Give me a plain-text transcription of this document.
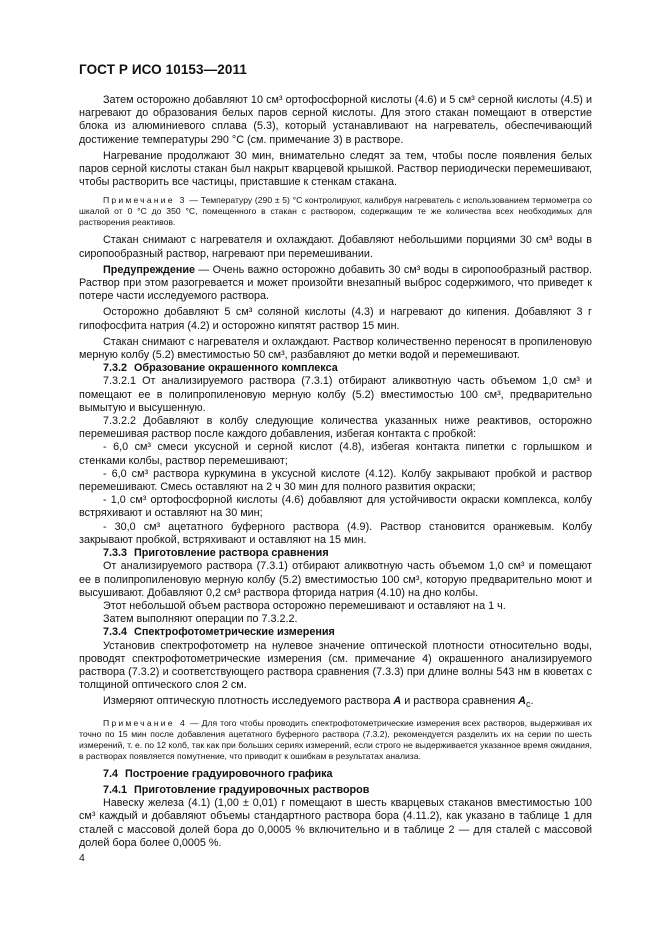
ГОСТ Р ИСО 10153—2011

Затем осторожно добавляют 10 см³ ортофосфорной кислоты (4.6) и 5 см³ серной кислоты (4.5) и нагревают до образования белых паров серной кислоты. Для этого стакан помещают в отверстие блока из алюминиевого сплава (5.3), который устанавливают на нагреватель, обеспечивающий достижение температуры 290 °С (см. примечание 3) в растворе.

Нагревание продолжают 30 мин, внимательно следят за тем, чтобы после появления белых паров серной кислоты стакан был накрыт кварцевой крышкой. Раствор периодически перемешивают, чтобы растворить все частицы, приставшие к стенкам стакана.

Примечание 3 — Температуру (290 ± 5) °С контролируют, калибруя нагреватель с использованием термометра со шкалой от 0 °С до 350 °С, помещенного в стакан с раствором, содержащим те же количества всех необходимых для растворения реактивов.

Стакан снимают с нагревателя и охлаждают. Добавляют небольшими порциями 30 см³ воды в сиропообразный раствор, нагревают при перемешивании.

Предупреждение — Очень важно осторожно добавить 30 см³ воды в сиропообразный раствор. Раствор при этом разогревается и может произойти внезапный выброс содержимого, что приведет к потере части исследуемого раствора.

Осторожно добавляют 5 см³ соляной кислоты (4.3) и нагревают до кипения. Добавляют 3 г гипофосфита натрия (4.2) и осторожно кипятят раствор 15 мин.

Стакан снимают с нагревателя и охлаждают. Раствор количественно переносят в пропиленовую мерную колбу (5.2) вместимостью 50 см³, разбавляют до метки водой и перемешивают.

7.3.2 Образование окрашенного комплекса

7.3.2.1 От анализируемого раствора (7.3.1) отбирают аликвотную часть объемом 1,0 см³ и помещают ее в полипропиленовую мерную колбу (5.2) вместимостью 100 см³, предварительно вымытую и высушенную.

7.3.2.2 Добавляют в колбу следующие количества указанных ниже реактивов, осторожно перемешивая раствор после каждого добавления, избегая контакта с пробкой:

- 6,0 см³ смеси уксусной и серной кислот (4.8), избегая контакта пипетки с горлышком и стенками колбы, раствор перемешивают;

- 6,0 см³ раствора куркумина в уксусной кислоте (4.12). Колбу закрывают пробкой и раствор перемешивают. Смесь оставляют на 2 ч 30 мин для полного развития окраски;

- 1,0 см³ ортофосфорной кислоты (4.6) добавляют для устойчивости окраски комплекса, колбу встряхивают и оставляют на 30 мин;

- 30,0 см³ ацетатного буферного раствора (4.9). Раствор становится оранжевым. Колбу закрывают пробкой, встряхивают и оставляют на 15 мин.

7.3.3 Приготовление раствора сравнения

От анализируемого раствора (7.3.1) отбирают аликвотную часть объемом 1,0 см³ и помещают ее в полипропиленовую мерную колбу (5.2) вместимостью 100 см³, которую предварительно моют и высушивают. Добавляют 0,2 см³ раствора фторида натрия (4.10) на дно колбы.

Этот небольшой объем раствора осторожно перемешивают и оставляют на 1 ч.

Затем выполняют операции по 7.3.2.2.

7.3.4 Спектрофотометрические измерения

Установив спектрофотометр на нулевое значение оптической плотности относительно воды, проводят спектрофотометрические измерения (см. примечание 4) окрашенного анализируемого раствора (7.3.2) и соответствующего раствора сравнения (7.3.3) при длине волны 543 нм в кюветах с толщиной оптического слоя 2 см.

Измеряют оптическую плотность исследуемого раствора A и раствора сравнения $A_c$.

Примечание 4 — Для того чтобы проводить спектрофотометрические измерения всех растворов, выдерживая их точно по 15 мин после добавления ацетатного буферного раствора (7.3.2), рекомендуется разделить их на серии по шесть измерений, т. е. по 12 колб, так как при больших сериях измерений, если строго не выдерживается указанное время ожидания, в растворах появляется помутнение, что приводит к ошибкам в результатах анализа.

7.4 Построение градуировочного графика

7.4.1 Приготовление градуировочных растворов

Навеску железа (4.1) (1,00 ± 0,01) г помещают в шесть кварцевых стаканов вместимостью 100 см³ каждый и добавляют объемы стандартного раствора бора (4.11.2), как указано в таблице 1 для сталей с массовой долей бора до 0,0005 % включительно и в таблице 2 — для сталей с массовой долей бора более 0,0005 %.

4
